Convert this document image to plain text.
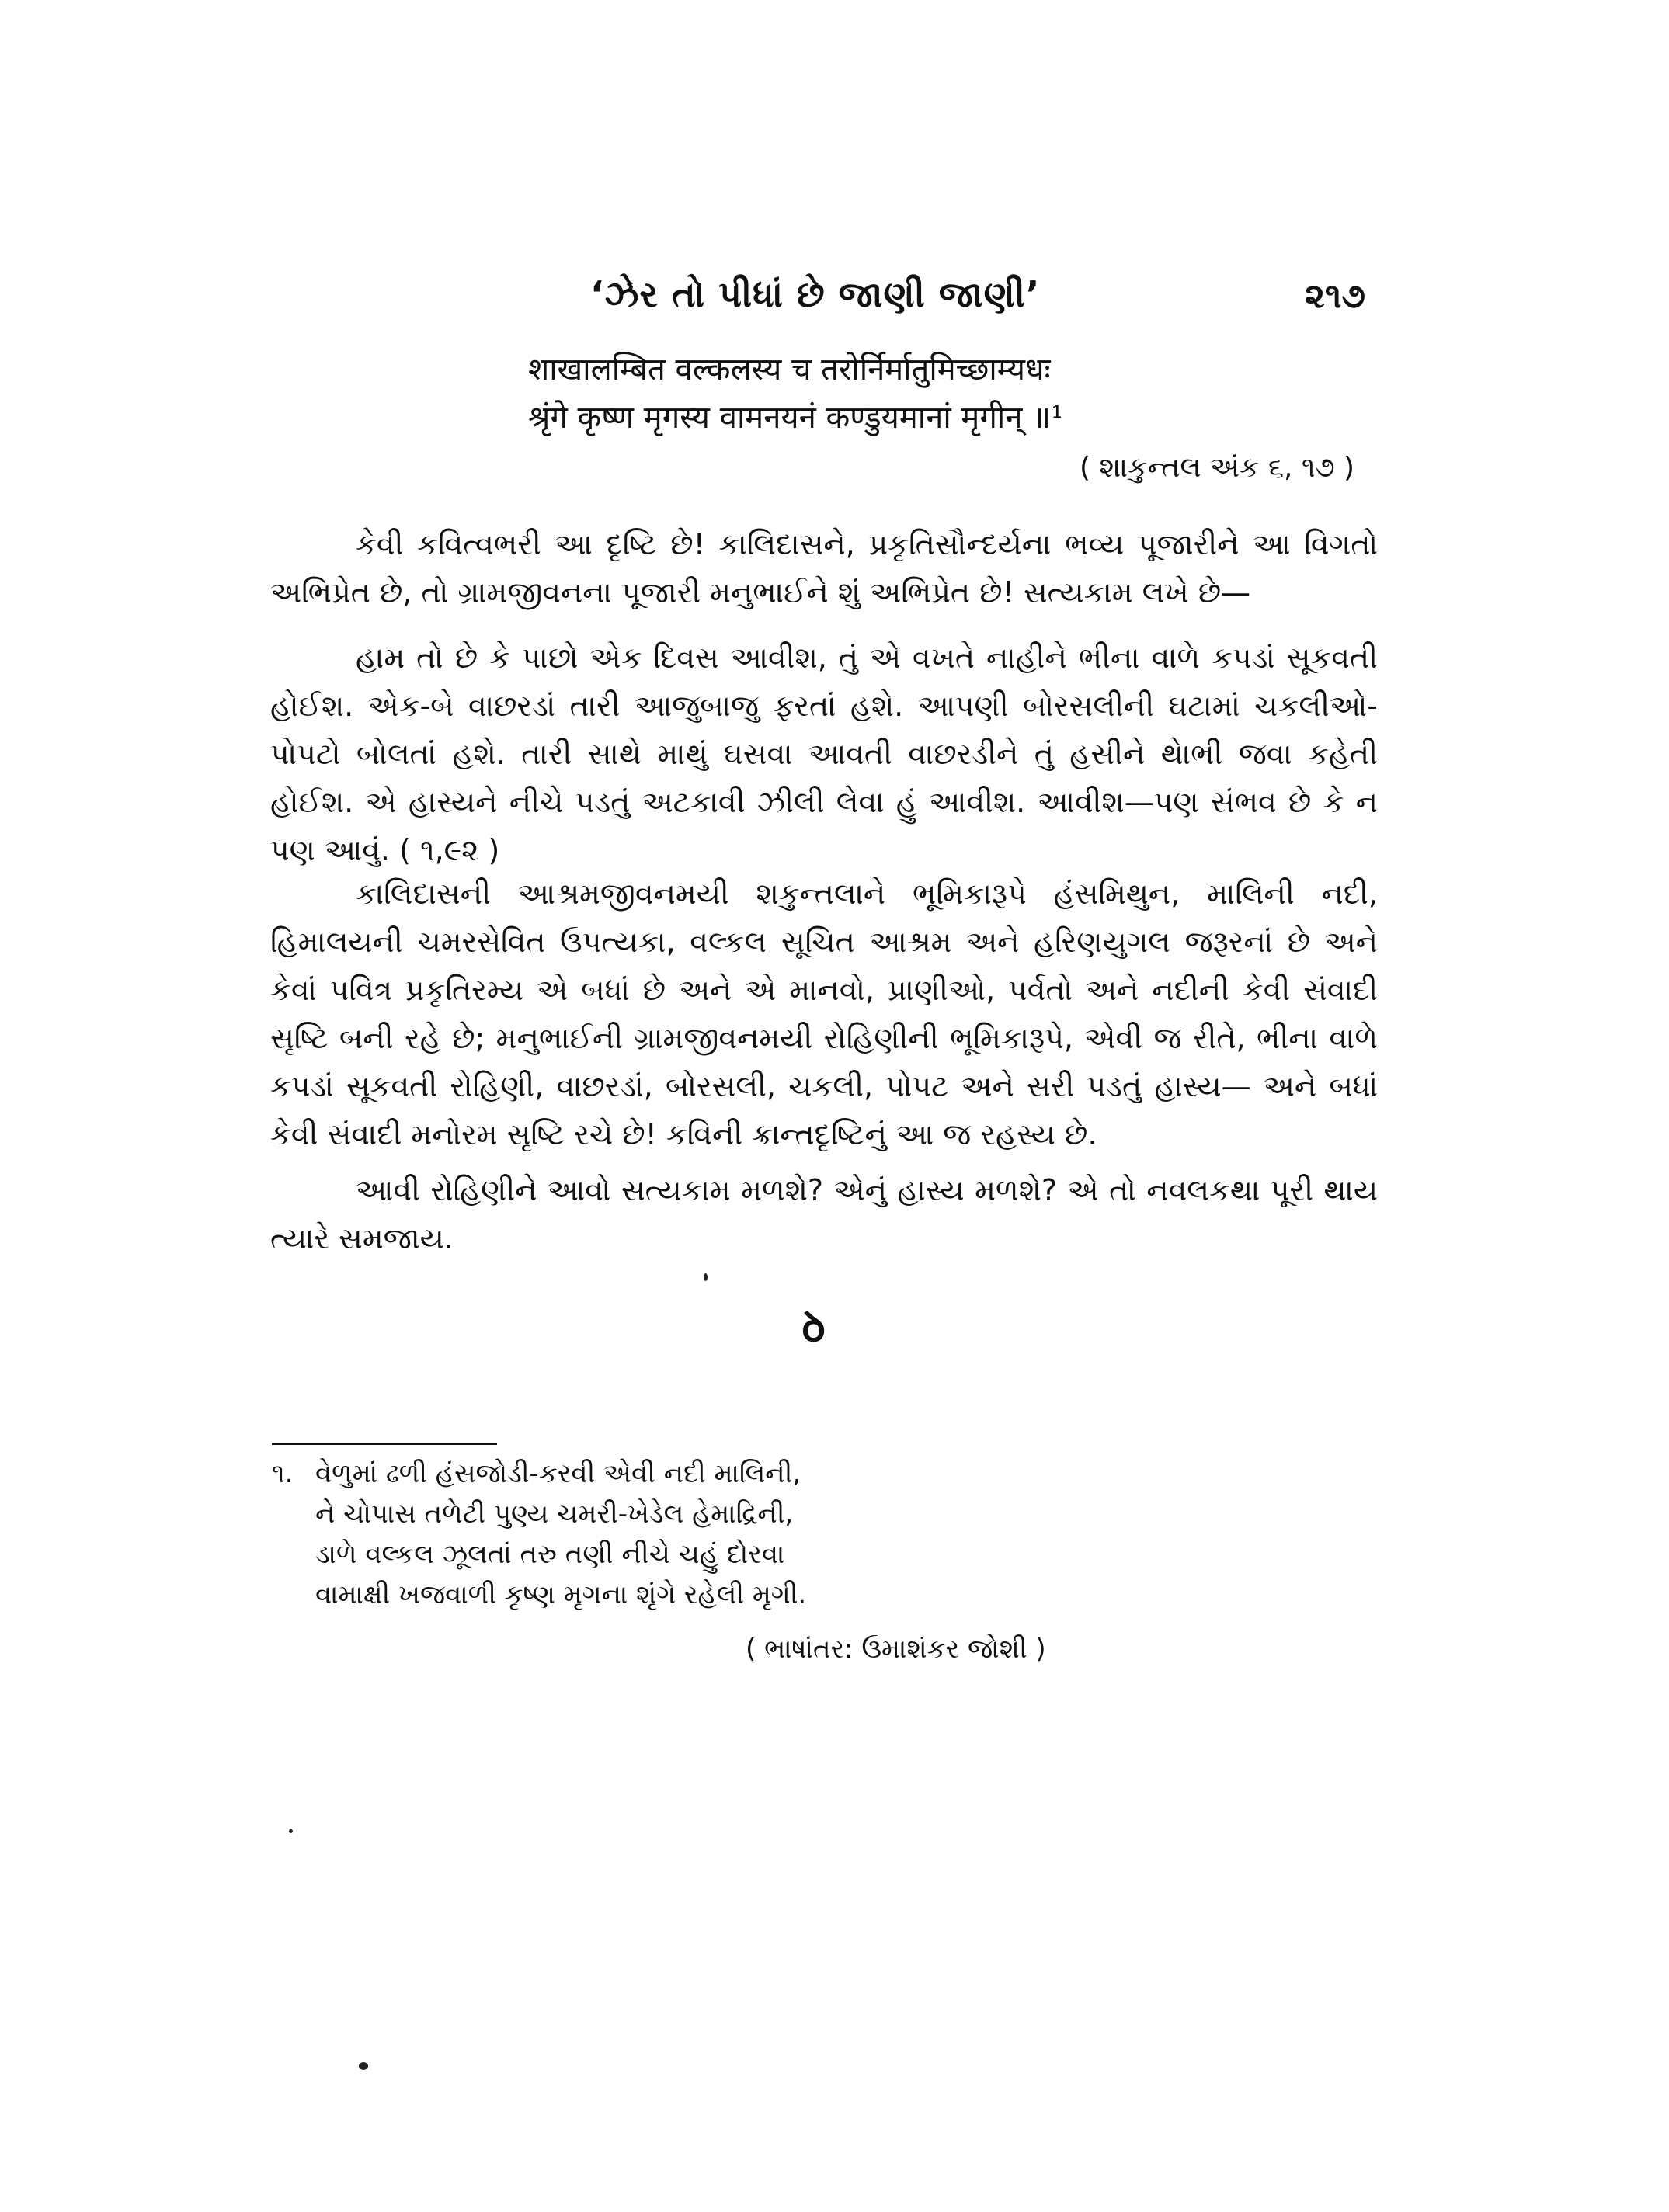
‘ઝેર તો પીધાં છે જાણી જાણી’	૨૧૭
शाखालम्बित वल्कलस्य च तरोर्निर्मातुमिच्छाम्यधः
श्रृंगे कृष्ण मृगस्य वामनयनं कण्डुयमानां मृगीन् ॥¹
( શાકુન્તલ અંક ૬, ૧૭ )

કેવી કવિત્વભરી આ દૃષ્ટિ છે! કાલિદાસને, પ્રકૃતિસૌન્દર્યના ભવ્ય પૂજારીને આ વિગતો અભિપ્રેત છે, તો ગ્રામજીવનના પૂજારી મનુભાઈને શું અભિપ્રેત છે! સત્યકામ લખે છે—

હામ તો છે કે પાછો એક દિવસ આવીશ, તું એ વખતે નાહીને ભીના વાળે કપડાં સૂકવતી હોઈશ. એક-બે વાછરડાં તારી આજુબાજુ ફરતાં હશે. આપણી બોરસલીની ઘટામાં ચકલીઓ-પોપટો બોલતાં હશે. તારી સાથે માથું ઘસવા આવતી વાછરડીને તું હસીને થેાભી જવા કહેતી હોઈશ. એ હાસ્યને નીચે પડતું અટકાવી ઝીલી લેવા હું આવીશ. આવીશ—પણ સંભવ છે કે ન પણ આવું. ( ૧,૯૨ )

કાલિદાસની આશ્રમજીવનમયી શકુન્તલાને ભૂમિકારૂપે હંસમિથુન, માલિની નદી, હિમાલયની ચમરસેવિત ઉપત્યકા, વલ્કલ સૂચિત આશ્રમ અને હરિણયુગલ જરૂરનાં છે અને કેવાં પવિત્ર પ્રકૃતિરમ્ય એ બધાં છે અને એ માનવો, પ્રાણીઓ, પર્વતો અને નદીની કેવી સંવાદી સૃષ્ટિ બની રહે છે; મનુભાઈની ગ્રામજીવનમયી રોહિણીની ભૂમિકારૂપે, એવી જ રીતે, ભીના વાળે કપડાં સૂકવતી રોહિણી, વાછરડાં, બોરસલી, ચકલી, પોપટ અને સરી પડતું હાસ્ય— અને બધાં કેવી સંવાદી મનોરમ સૃષ્ટિ રચે છે! કવિની ક્રાન્તદૃષ્ટિનું આ જ રહસ્ય છે.

આવી રોહિણીને આવો સત્યકામ મળશે? એનું હાસ્ય મળશે? એ તો નવલકથા પૂરી થાય ત્યારે સમજાય.

ꝺ
૧. વેળુમાં ઢળી હંસજોડી-કરવી એવી નદી માલિની,
ને ચોપાસ તળેટી પુણ્ય ચમરી-ખેડેલ હેમાદ્રિની,
ડાળે વલ્કલ ઝૂલતાં તરુ તણી નીચે ચહું દોરવા
વામાક્ષી ખજવાળી કૃષ્ણ મૃગના શૃંગે રહેલી મૃગી.
( ભાષાંતર: ઉમાશંકર જોશી )
